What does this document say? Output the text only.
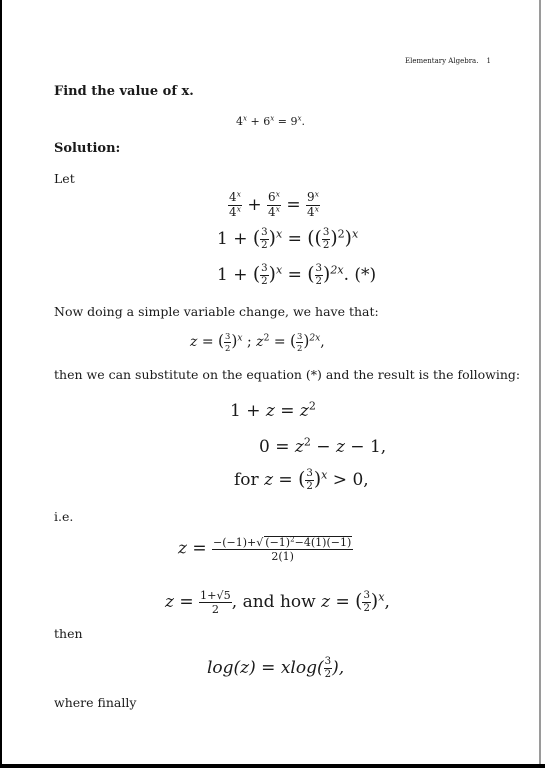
Elementary Algebra. 1
Find the value of x.
$4^x + 6^x = 9^x$.
Solution:
Let
$\frac{4^x}{4^x} + \frac{6^x}{4^x} = \frac{9^x}{4^x}$
1 + ( $\frac{3}{2} )^x$ = (( $\frac{3}{2} )^2)^x$
1 + ( $\frac{3}{2} )^x$ = ( $\frac{3}{2} )^{2x}$. (*)
Now doing a simple variable change, we have that:
z = ( $\frac{3}{2} )^x$ ; $z^2$ = ( $\frac{3}{2} )^{2x}$,
then we can substitute on the equation (*) and the result is the following:
$1 + z = z^2$
$0 = z^2 - z - 1$,
for z = ( $\frac{3}{2} )^x > 0$,
i.e.
$z = \frac{-(-1)+√ (-1)^2-4(1)(-1)}{2(1)}$
$z = \frac{1+√5}{2}$ , and how z = ( $\frac{3}{2} )^x$,
then
$\log(z) = xlog( \frac{3}{2}$ ),
where finally
